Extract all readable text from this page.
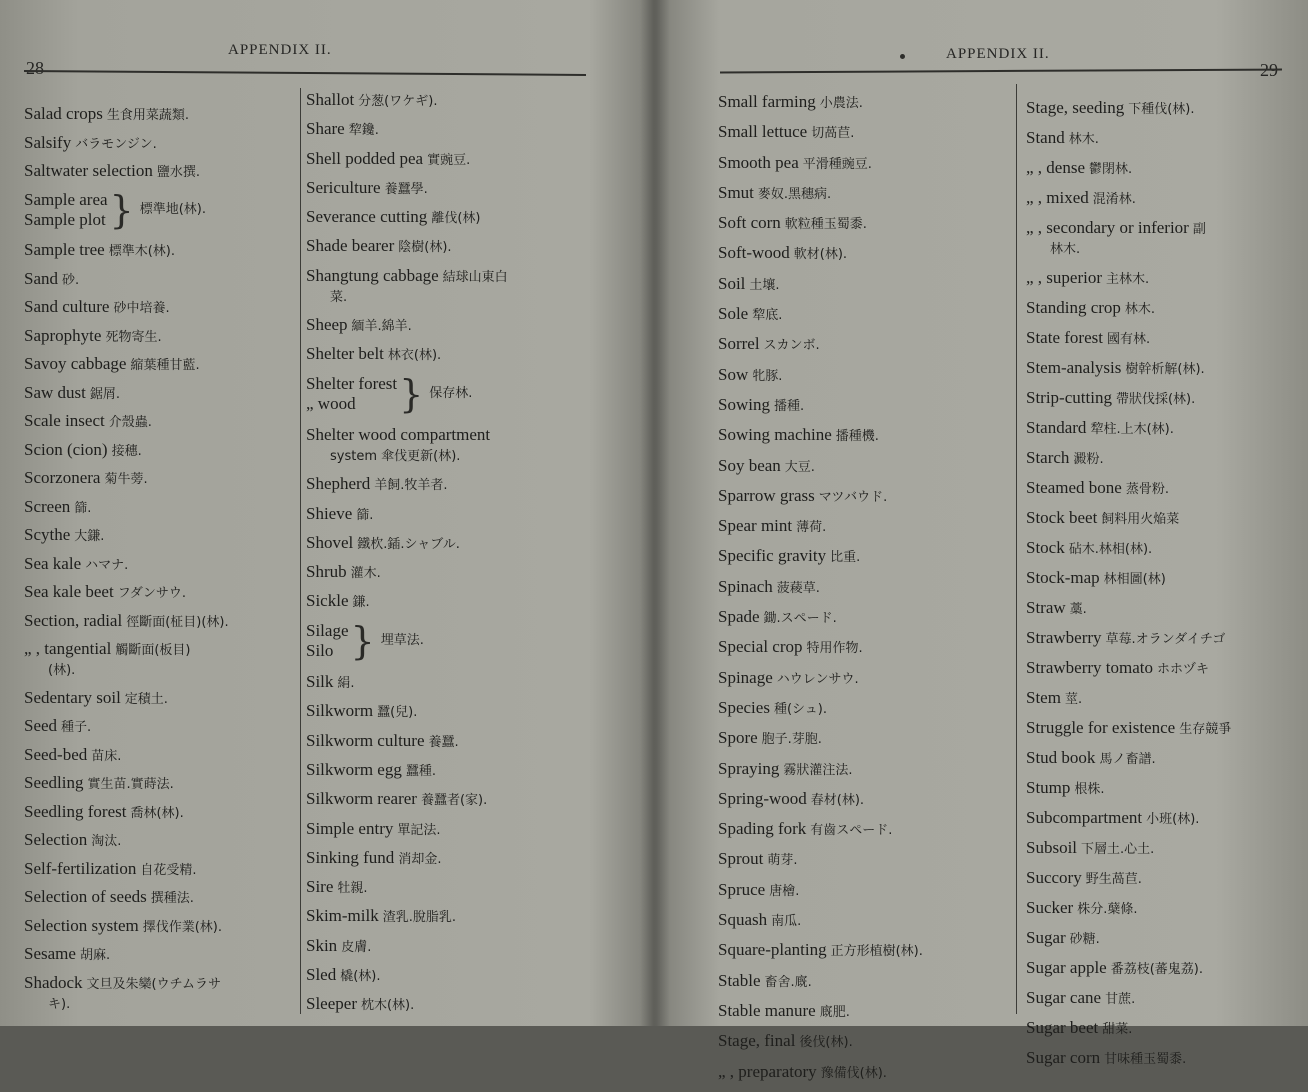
28
APPENDIX II.
Salad crops 生食用菜蔬類.
Salsify バラモンジン.
Saltwater selection 鹽水撰.
Sample area
Sample plot } 標準地(林).
Sample tree 標準木(林).
Sand 砂.
Sand culture 砂中培養.
Saprophyte 死物寄生.
Savoy cabbage 縮葉種甘藍.
Saw dust 鋸屑.
Scale insect 介殼蟲.
Scion (cion) 接穗.
Scorzonera 菊牛蒡.
Screen 篩.
Scythe 大鎌.
Sea kale ハマナ.
Sea kale beet フダンサウ.
Section, radial 徑斷面(柾目)(林).
„ , tangential 觸斷面(板目)
(林).
Sedentary soil 定積土.
Seed 種子.
Seed-bed 苗床.
Seedling 實生苗.實蒔法.
Seedling forest 喬林(林).
Selection 淘汰.
Self-fertilization 自花受精.
Selection of seeds 撰種法.
Selection system 擇伐作業(林).
Sesame 胡麻.
Shadock 文旦及朱欒(ウチムラサ
キ).
Shallot 分葱(ワケギ).
Share 犂鑱.
Shell podded pea 實豌豆.
Sericulture 養蠶學.
Severance cutting 離伐(林)
Shade bearer 陰樹(林).
Shangtung cabbage 結球山東白
菜.
Sheep 緬羊.綿羊.
Shelter belt 林衣(林).
Shelter forest
„ wood	} 保存林.
Shelter wood compartment
system 傘伐更新(林).
Shepherd 羊飼.牧羊者.
Shieve 篩.
Shovel 鐵杴.鍤.シャブル.
Shrub 灌木.
Sickle 鎌.
Silage
Silo } 埋草法.
Silk 絹.
Silkworm 蠶(兒).
Silkworm culture 養蠶.
Silkworm egg 蠶種.
Silkworm rearer 養蠶者(家).
Simple entry 單記法.
Sinking fund 消却金.
Sire 牡親.
Skim-milk 渣乳.脫脂乳.
Skin 皮膚.
Sled 橇(林).
Sleeper 枕木(林).
APPENDIX II.
Small farming 小農法.
Small lettuce 切萵苣.
Smooth pea 平滑種豌豆.
Smut 麥奴.黑穗病.
Soft corn 軟粒種玉蜀黍.
Soft-wood 軟材(林).
Soil 土壤.
Sole 犂底.
Sorrel スカンボ.
Sow 牝豚.
Sowing 播種.
Sowing machine 播種機.
Soy bean 大豆.
Sparrow grass マツバウド.
Spear mint 薄荷.
Specific gravity 比重.
Spinach 菠薐草.
Spade 鋤.スペード.
Special crop 特用作物.
Spinage ハウレンサウ.
Species 種(シュ).
Spore 胞子.芽胞.
Spraying 霧狀灌注法.
Spring-wood 春材(林).
Spading fork 有齒スペード.
Sprout 萌芽.
Spruce 唐檜.
Squash 南瓜.
Square-planting 正方形植樹(林).
Stable 畜舍.廐.
Stable manure 廐肥.
Stage, final 後伐(林).
„ , preparatory 豫備伐(林).
Stage, seeding 下種伐(林).
Stand 林木.
„ , dense 鬱閉林.
„ , mixed 混淆林.
„ , secondary or inferior 副
林木.
„ , superior 主林木.
Standing crop 林木.
State forest 國有林.
Stem-analysis 樹幹析解(林).
Strip-cutting 帶狀伐採(林).
Standard 犂柱.上木(林).
Starch 澱粉.
Steamed bone 蒸骨粉.
Stock beet 飼料用火焔菜
Stock 砧木.林相(林).
Stock-map 林相圖(林)
Straw 藁.
Strawberry 草莓.オランダイチゴ
Strawberry tomato ホホヅキ
Stem 莖.
Struggle for existence 生存競爭
Stud book 馬ノ畜譜.
Stump 根株.
Subcompartment 小班(林).
Subsoil 下層土.心土.
Succory 野生萵苣.
Sucker 株分.蘖條.
Sugar 砂糖.
Sugar apple 番荔枝(蕃鬼荔).
Sugar cane 甘蔗.
Sugar beet 甜菜.
Sugar corn 甘味種玉蜀黍.
